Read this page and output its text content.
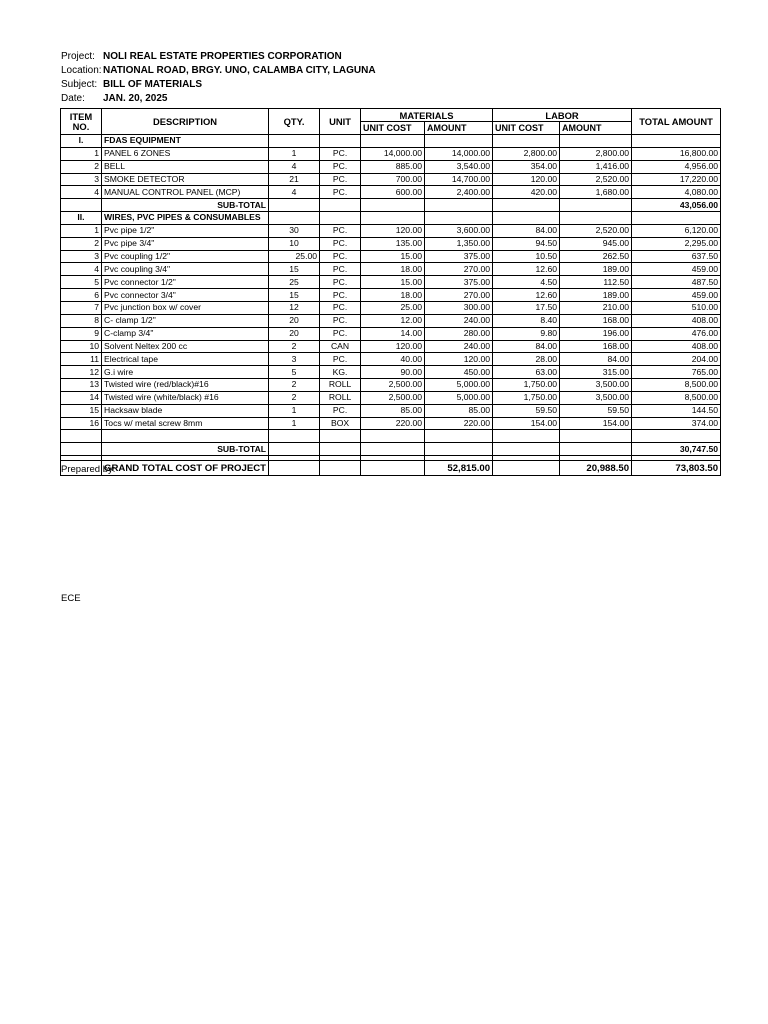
Project: NOLI REAL ESTATE PROPERTIES CORPORATION
Location:NATIONAL ROAD, BRGY. UNO, CALAMBA CITY, LAGUNA
Subject: BILL OF MATERIALS
Date: JAN. 20, 2025
ITEM NO.	DESCRIPTION	QTY.	UNIT	MATERIALS		LABOR		TOTAL AMOUNT
				UNIT COST	AMOUNT	UNIT COST	AMOUNT	
I.	FDAS EQUIPMENT							
1	PANEL 6 ZONES	1	PC.	14,000.00	14,000.00	2,800.00	2,800.00	16,800.00
2	BELL	4	PC.	885.00	3,540.00	354.00	1,416.00	4,956.00
3	SMOKE DETECTOR	21	PC.	700.00	14,700.00	120.00	2,520.00	17,220.00
4	MANUAL CONTROL PANEL (MCP)	4	PC.	600.00	2,400.00	420.00	1,680.00	4,080.00
	SUB-TOTAL							43,056.00
II.	WIRES, PVC PIPES & CONSUMABLES							
1	Pvc pipe 1/2"	30	PC.	120.00	3,600.00	84.00	2,520.00	6,120.00
2	Pvc pipe 3/4"	10	PC.	135.00	1,350.00	94.50	945.00	2,295.00
3	Pvc coupling 1/2"	25.00	PC.	15.00	375.00	10.50	262.50	637.50
4	Pvc coupling 3/4"	15	PC.	18.00	270.00	12.60	189.00	459.00
5	Pvc connector 1/2"	25	PC.	15.00	375.00	4.50	112.50	487.50
6	Pvc connector 3/4"	15	PC.	18.00	270.00	12.60	189.00	459.00
7	Pvc junction box w/ cover	12	PC.	25.00	300.00	17.50	210.00	510.00
8	C- clamp 1/2"	20	PC.	12.00	240.00	8.40	168.00	408.00
9	C-clamp 3/4"	20	PC.	14.00	280.00	9.80	196.00	476.00
10	Solvent Neltex 200 cc	2	CAN	120.00	240.00	84.00	168.00	408.00
11	Electrical tape	3	PC.	40.00	120.00	28.00	84.00	204.00
12	G.i wire	5	KG.	90.00	450.00	63.00	315.00	765.00
13	Twisted wire (red/black)#16	2	ROLL	2,500.00	5,000.00	1,750.00	3,500.00	8,500.00
14	Twisted wire (white/black) #16	2	ROLL	2,500.00	5,000.00	1,750.00	3,500.00	8,500.00
15	Hacksaw blade	1	PC.	85.00	85.00	59.50	59.50	144.50
16	Tocs w/ metal screw 8mm	1	BOX	220.00	220.00	154.00	154.00	374.00

	SUB-TOTAL							30,747.50

	GRAND TOTAL COST OF PROJECT				52,815.00		20,988.50	73,803.50
Prepared by:
ECE
